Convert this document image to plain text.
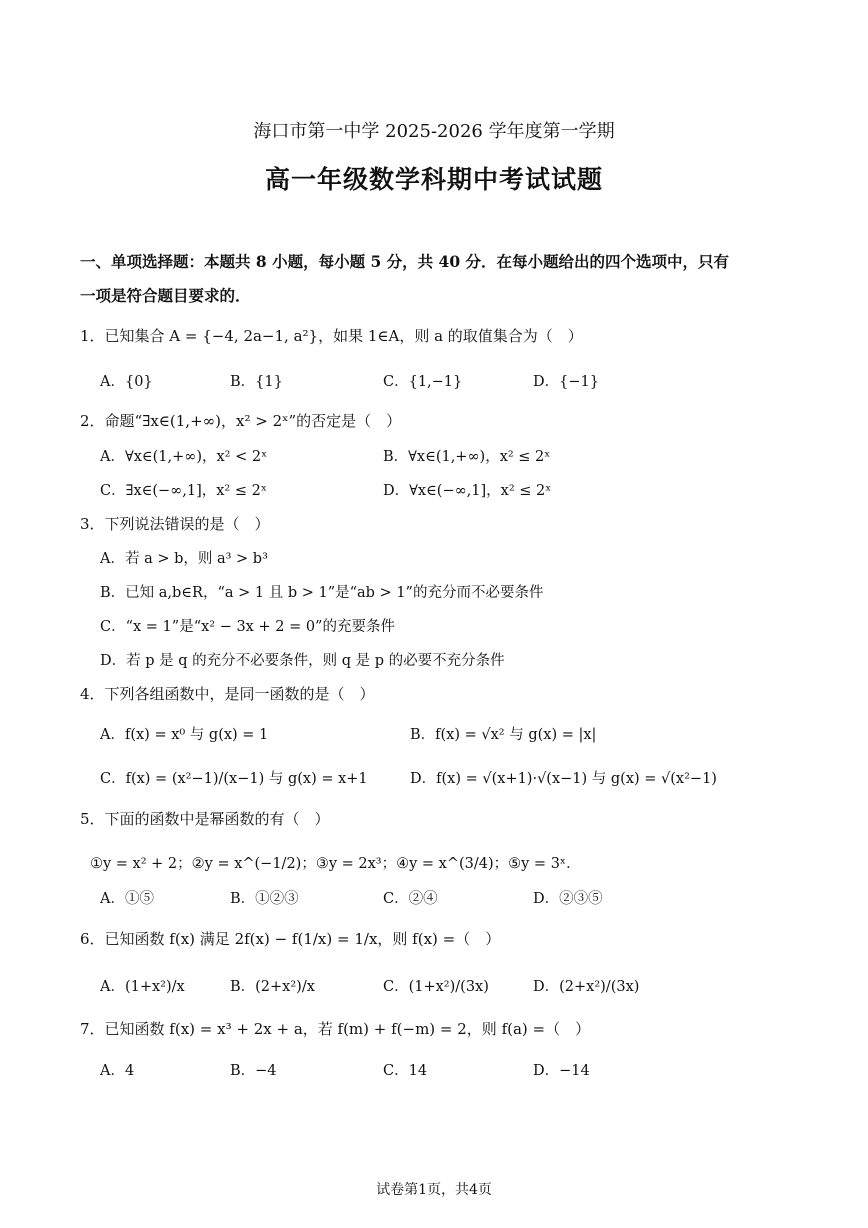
海口市第一中学 2025-2026 学年度第一学期
高一年级数学科期中考试试题
一、单项选择题：本题共 8 小题，每小题 5 分，共 40 分．在每小题给出的四个选项中，只有
一项是符合题目要求的．
1．已知集合 A = {−4, 2a−1, a²}，如果 1∈A，则 a 的取值集合为（　）
A．{0}	B．{1}	C．{1,−1}	D．{−1}
2．命题“∃x∈(1,+∞)，x² > 2ˣ”的否定是（　）
A．∀x∈(1,+∞)，x² < 2ˣ	B．∀x∈(1,+∞)，x² ≤ 2ˣ
C．∃x∈(−∞,1]，x² ≤ 2ˣ	D．∀x∈(−∞,1]，x² ≤ 2ˣ
3．下列说法错误的是（　）
A．若 a > b，则 a³ > b³
B．已知 a,b∈R，“a > 1 且 b > 1”是“ab > 1”的充分而不必要条件
C．“x = 1”是“x² − 3x + 2 = 0”的充要条件
D．若 p 是 q 的充分不必要条件，则 q 是 p 的必要不充分条件
4．下列各组函数中，是同一函数的是（　）
A．f(x) = x⁰ 与 g(x) = 1	B．f(x) = √x² 与 g(x) = |x|
C．f(x) = (x²−1)/(x−1) 与 g(x) = x+1	D．f(x) = √(x+1)·√(x−1) 与 g(x) = √(x²−1)
5．下面的函数中是幂函数的有（　）
①y = x² + 2；②y = x^(−1/2)；③y = 2x³；④y = x^(3/4)；⑤y = 3ˣ．
A．①⑤	B．①②③	C．②④	D．②③⑤
6．已知函数 f(x) 满足 2f(x) − f(1/x) = 1/x，则 f(x) =（　）
A．(1+x²)/x	B．(2+x²)/x	C．(1+x²)/(3x)	D．(2+x²)/(3x)
7．已知函数 f(x) = x³ + 2x + a，若 f(m) + f(−m) = 2，则 f(a) =（　）
A．4	B．−4	C．14	D．−14
试卷第1页，共4页
